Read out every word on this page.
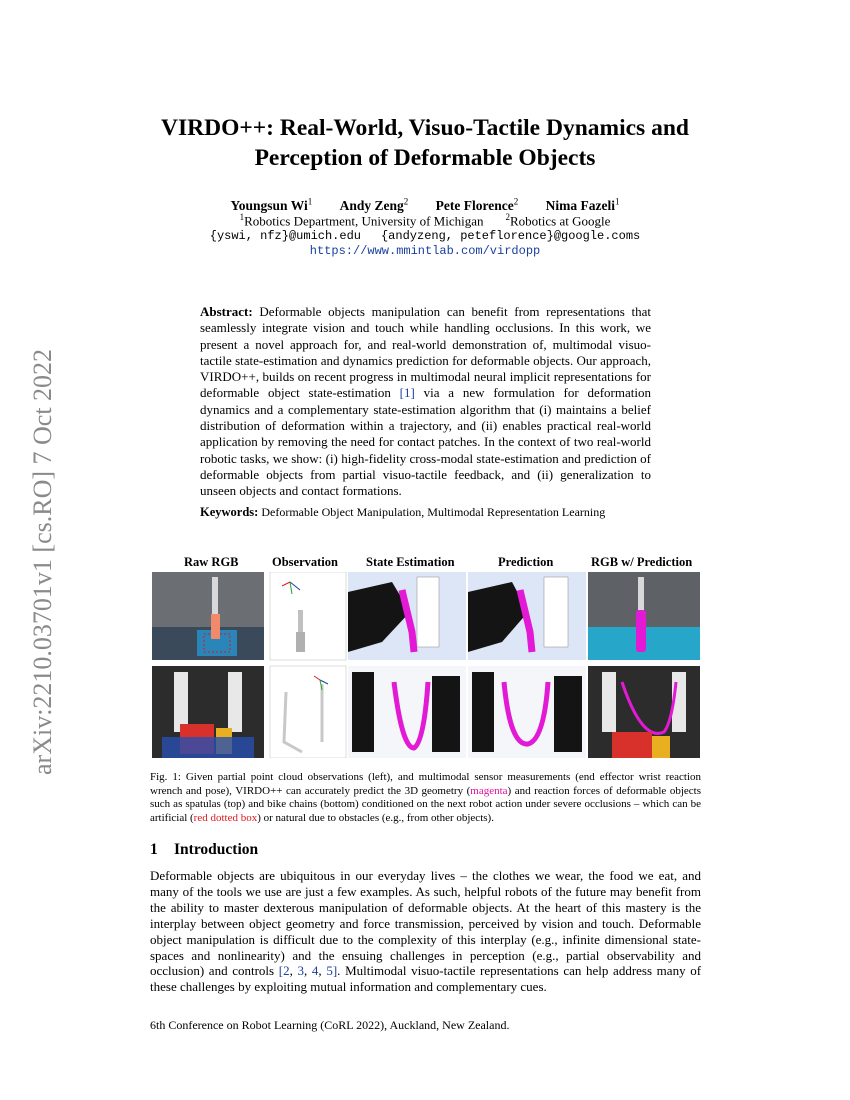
arXiv:2210.03701v1 [cs.RO] 7 Oct 2022
VIRDO++: Real-World, Visuo-Tactile Dynamics and
Perception of Deformable Objects
Youngsun Wi$^1$ Andy Zeng$^2$ Pete Florence$^2$ Nima Fazeli$^1$
$^1$Robotics Department, University of Michigan $^2$Robotics at Google
{yswi, nfz}@umich.edu {andyzeng, peteflorence}@google.coms
https://www.mmintlab.com/virdopp
Abstract: Deformable objects manipulation can benefit from representations that seamlessly integrate vision and touch while handling occlusions. In this work, we present a novel approach for, and real-world demonstration of, multimodal visuo-tactile state-estimation and dynamics prediction for deformable objects. Our approach, VIRDO++, builds on recent progress in multimodal neural implicit representations for deformable object state-estimation [1] via a new formulation for deformation dynamics and a complementary state-estimation algorithm that (i) maintains a belief distribution of deformation within a trajectory, and (ii) enables practical real-world application by removing the need for contact patches. In the context of two real-world robotic tasks, we show: (i) high-fidelity cross-modal state-estimation and prediction of deformable objects from partial visuo-tactile feedback, and (ii) generalization to unseen objects and contact formations.
Keywords: Deformable Object Manipulation, Multimodal Representation Learning
Raw RGB	Observation State Estimation	Prediction	RGB w/ Prediction
Fig. 1: Given partial point cloud observations (left), and multimodal sensor measurements (end effector wrist reaction wrench and pose), VIRDO++ can accurately predict the 3D geometry (magenta) and reaction forces of deformable objects such as spatulas (top) and bike chains (bottom) conditioned on the next robot action under severe occlusions – which can be artificial (red dotted box) or natural due to obstacles (e.g., from other objects).
1 Introduction
Deformable objects are ubiquitous in our everyday lives – the clothes we wear, the food we eat, and many of the tools we use are just a few examples. As such, helpful robots of the future may benefit from the ability to master dexterous manipulation of deformable objects. At the heart of this mastery is the interplay between object geometry and force transmission, perceived by vision and touch. Deformable object manipulation is difficult due to the complexity of this interplay (e.g., infinite dimensional state-spaces and nonlinearity) and the ensuing challenges in perception (e.g., partial observability and occlusion) and controls [2, 3, 4, 5]. Multimodal visuo-tactile representations can help address many of these challenges by exploiting mutual information and complementary cues.
6th Conference on Robot Learning (CoRL 2022), Auckland, New Zealand.
